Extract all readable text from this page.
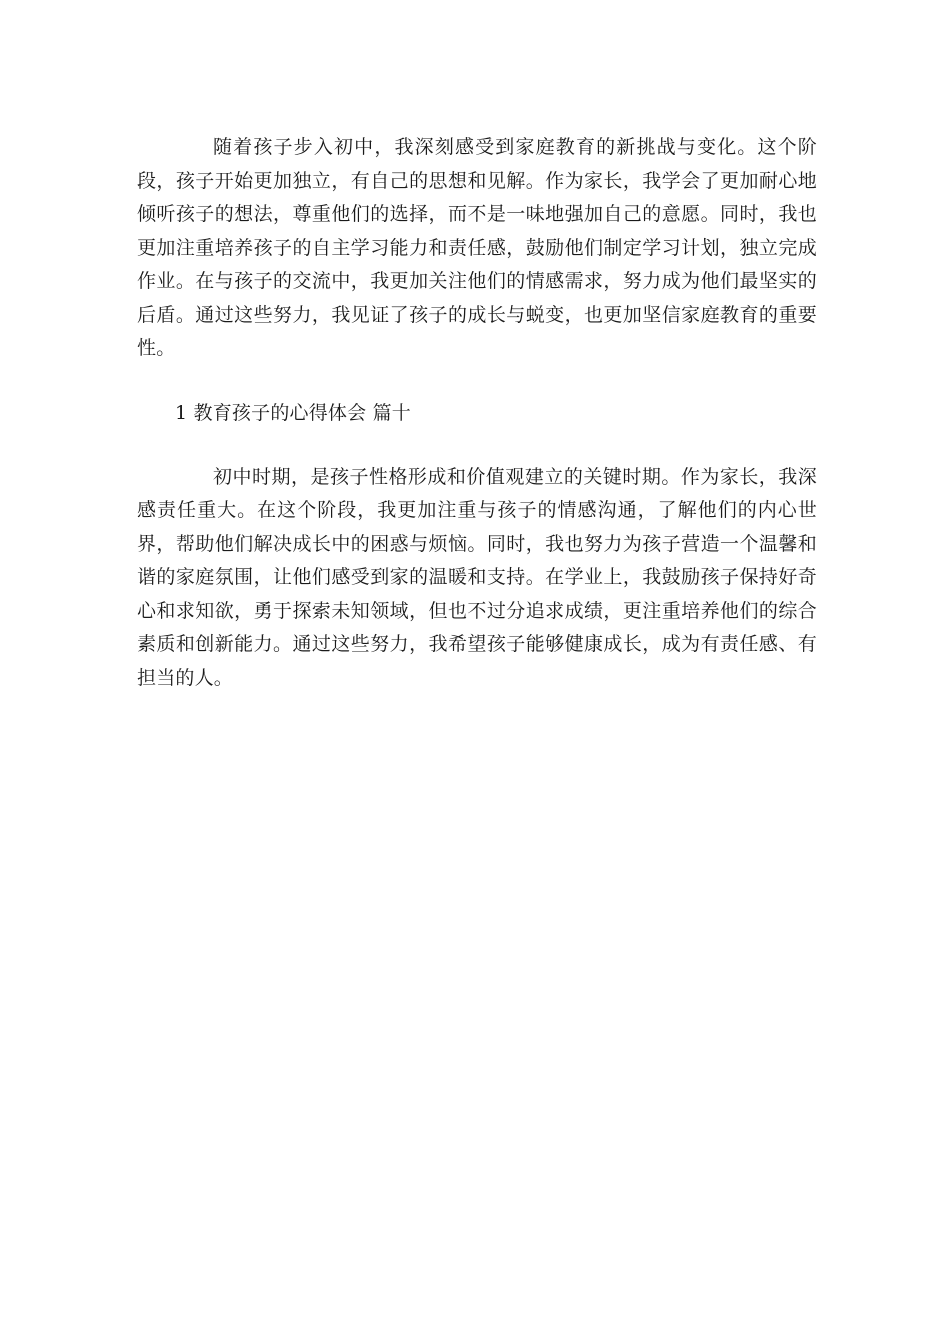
随着孩子步入初中，我深刻感受到家庭教育的新挑战与变化。这个阶段，孩子开始更加独立，有自己的思想和见解。作为家长，我学会了更加耐心地倾听孩子的想法，尊重他们的选择，而不是一味地强加自己的意愿。同时，我也更加注重培养孩子的自主学习能力和责任感，鼓励他们制定学习计划，独立完成作业。在与孩子的交流中，我更加关注他们的情感需求，努力成为他们最坚实的后盾。通过这些努力，我见证了孩子的成长与蜕变，也更加坚信家庭教育的重要性。

1 教育孩子的心得体会 篇十

初中时期，是孩子性格形成和价值观建立的关键时期。作为家长，我深感责任重大。在这个阶段，我更加注重与孩子的情感沟通，了解他们的内心世界，帮助他们解决成长中的困惑与烦恼。同时，我也努力为孩子营造一个温馨和谐的家庭氛围，让他们感受到家的温暖和支持。在学业上，我鼓励孩子保持好奇心和求知欲，勇于探索未知领域，但也不过分追求成绩，更注重培养他们的综合素质和创新能力。通过这些努力，我希望孩子能够健康成长，成为有责任感、有担当的人。
